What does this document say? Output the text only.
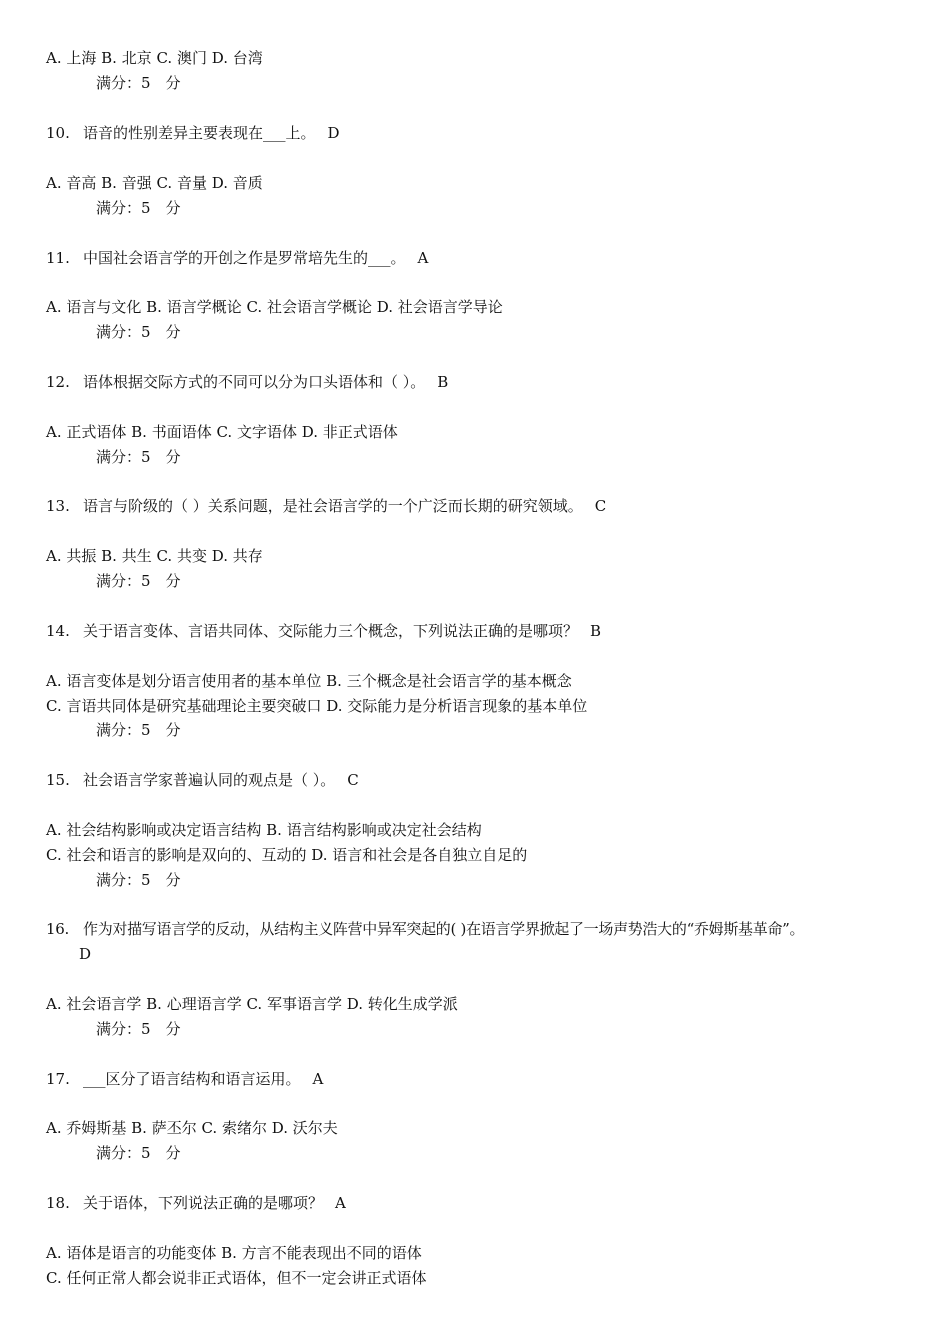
A. 上海 B. 北京 C. 澳门 D. 台湾
满分：5　分
10. 语音的性别差异主要表现在___上。 D
A. 音高 B. 音强 C. 音量 D. 音质
满分：5　分
11. 中国社会语言学的开创之作是罗常培先生的___。 A
A. 语言与文化 B. 语言学概论 C. 社会语言学概论 D. 社会语言学导论
满分：5　分
12. 语体根据交际方式的不同可以分为口头语体和（ ）。 B
A. 正式语体 B. 书面语体 C. 文字语体 D. 非正式语体
满分：5　分
13. 语言与阶级的（ ）关系问题，是社会语言学的一个广泛而长期的研究领域。 C
A. 共振 B. 共生 C. 共变 D. 共存
满分：5　分
14. 关于语言变体、言语共同体、交际能力三个概念，下列说法正确的是哪项？ B
A. 语言变体是划分语言使用者的基本单位 B. 三个概念是社会语言学的基本概念
C. 言语共同体是研究基础理论主要突破口 D. 交际能力是分析语言现象的基本单位
满分：5　分
15. 社会语言学家普遍认同的观点是（ ）。 C
A. 社会结构影响或决定语言结构 B. 语言结构影响或决定社会结构
C. 社会和语言的影响是双向的、互动的 D. 语言和社会是各自独立自足的
满分：5　分
16. 作为对描写语言学的反动，从结构主义阵营中异军突起的( )在语言学界掀起了一场声势浩大的“乔姆斯基革命”。
D
A. 社会语言学 B. 心理语言学 C. 军事语言学 D. 转化生成学派
满分：5　分
17. ___区分了语言结构和语言运用。 A
A. 乔姆斯基 B. 萨丕尔 C. 索绪尔 D. 沃尔夫
满分：5　分
18. 关于语体，下列说法正确的是哪项？ A
A. 语体是语言的功能变体 B. 方言不能表现出不同的语体
C. 任何正常人都会说非正式语体，但不一定会讲正式语体
